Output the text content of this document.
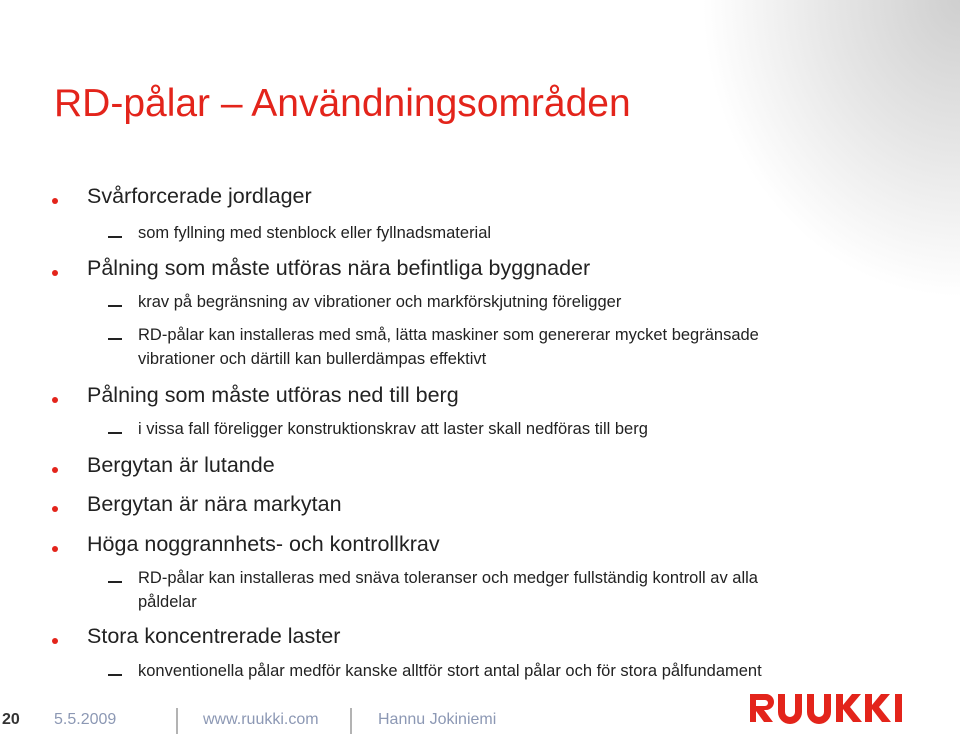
RD-pålar – Användningsområden
Svårforcerade jordlager
som fyllning med stenblock eller fyllnadsmaterial
Pålning som måste utföras nära befintliga byggnader
krav på begränsning av vibrationer och markförskjutning föreligger
RD-pålar kan installeras med små, lätta maskiner som genererar mycket begränsade
vibrationer och därtill kan bullerdämpas effektivt
Pålning som måste utföras ned till berg
i vissa fall föreligger konstruktionskrav att laster skall nedföras till berg
Bergytan är lutande
Bergytan är nära markytan
Höga noggrannhets- och kontrollkrav
RD-pålar kan installeras med snäva toleranser och medger fullständig kontroll av alla
påldelar
Stora koncentrerade laster
konventionella pålar medför kanske alltför stort antal pålar och för stora pålfundament
20 5.5.2009	www.ruukki.com	Hannu Jokiniemi
